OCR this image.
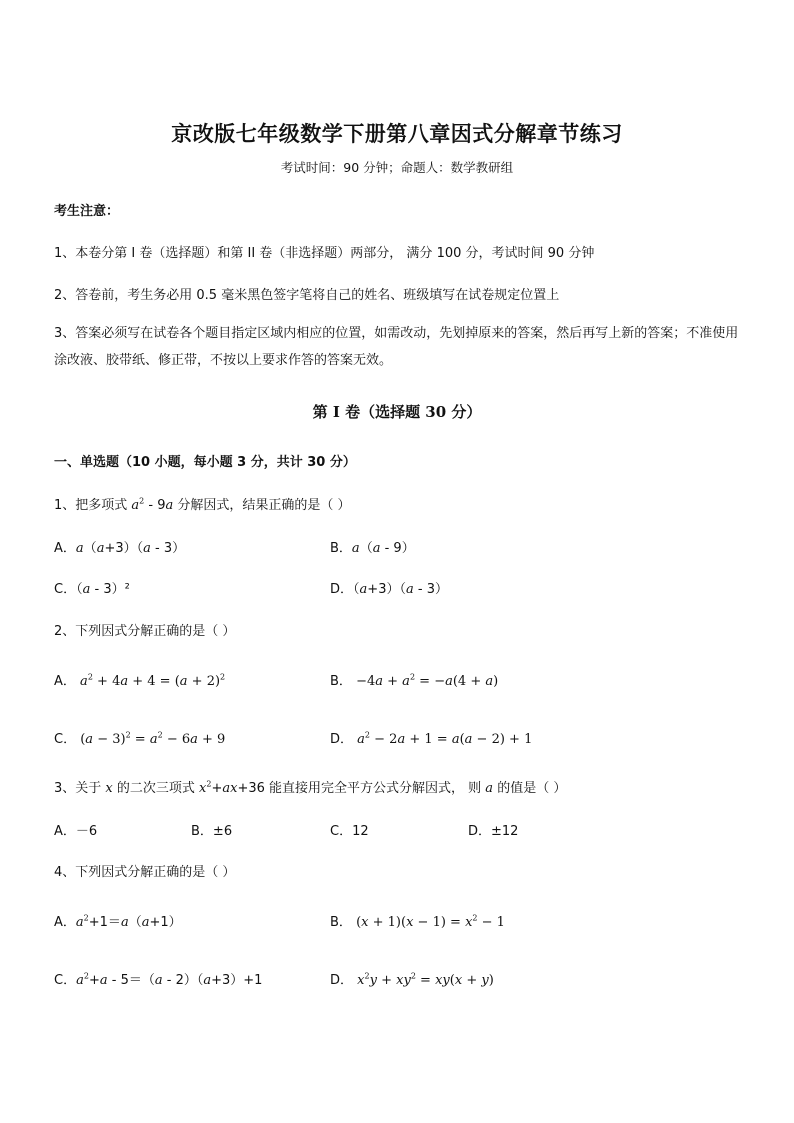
京改版七年级数学下册第八章因式分解章节练习
考试时间：90 分钟；命题人：数学教研组
考生注意：
1、本卷分第 I 卷（选择题）和第 II 卷（非选择题）两部分， 满分 100 分，考试时间 90 分钟
2、答卷前，考生务必用 0.5 毫米黑色签字笔将自己的姓名、班级填写在试卷规定位置上
3、答案必须写在试卷各个题目指定区域内相应的位置，如需改动，先划掉原来的答案，然后再写上新的答案；不准使用涂改液、胶带纸、修正带，不按以上要求作答的答案无效。
第 I 卷（选择题 30 分）
一、单选题（10 小题，每小题 3 分，共计 30 分）
1、把多项式 $a^2 - 9a$ 分解因式，结果正确的是（ ）
A．a（a+3）（a - 3）	B．a（a - 9）
C．（a - 3）²	D．（a+3）（a - 3）
2、下列因式分解正确的是（ ）
A． $a^2 + 4a + 4 = (a + 2)^2$	B． $-4a + a^2 = -a(4 + a)$
C． $(a - 3)^2 = a^2 - 6a + 9$	D． $a^2 - 2a + 1 = a(a - 2) + 1$
3、关于 x 的二次三项式 $x^2+ax+36$ 能直接用完全平方公式分解因式， 则 a 的值是（ ）
A．－6	B．±6	C．12	D．±12
4、下列因式分解正确的是（ ）
A．$a^2+1=a(a+1)$	B． $(x + 1)(x - 1) = x^2 - 1$
C．$a^2+a - 5=(a - 2)(a+3)+1$	D． $x^2y + xy^2 = xy(x + y)$
